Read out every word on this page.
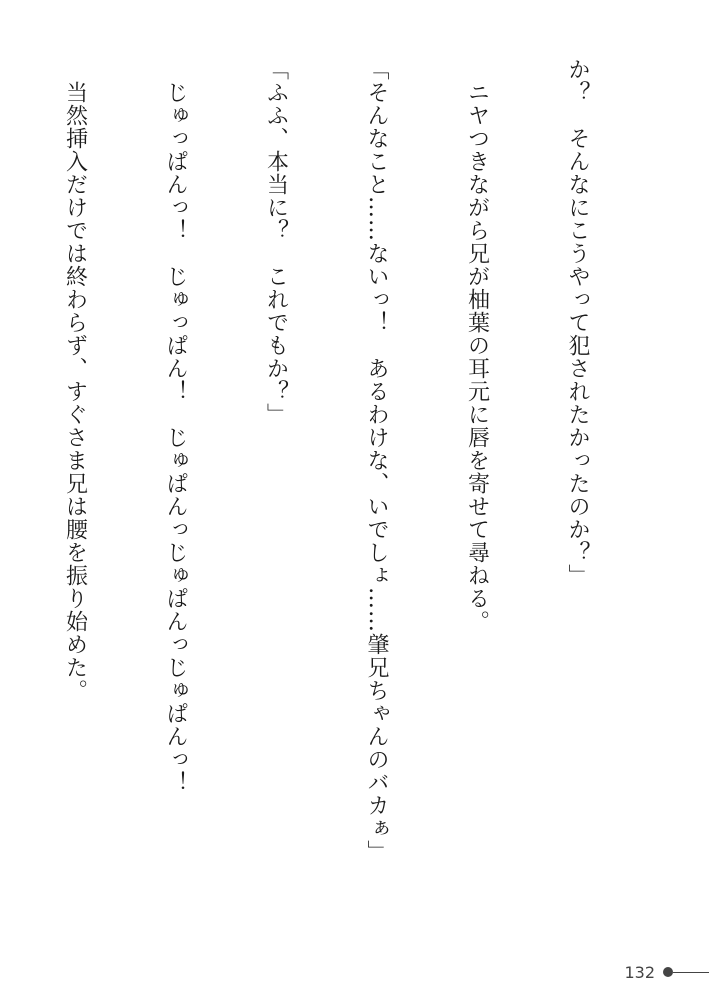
か？　そんなにこうやって犯されたかったのか？」

　ニヤつきながら兄が柚葉の耳元に唇を寄せて尋ねる。

「そんなこと……ないっ！　あるわけな、いでしょ……肇兄ちゃんのバカぁ」

「ふふ、本当に？　これでもか？」

　じゅっぱんっ！　じゅっぱん！　じゅぱんっじゅぱんっじゅぱんっ！

　当然挿入だけでは終わらず、すぐさま兄は腰を振り始めた。

132
